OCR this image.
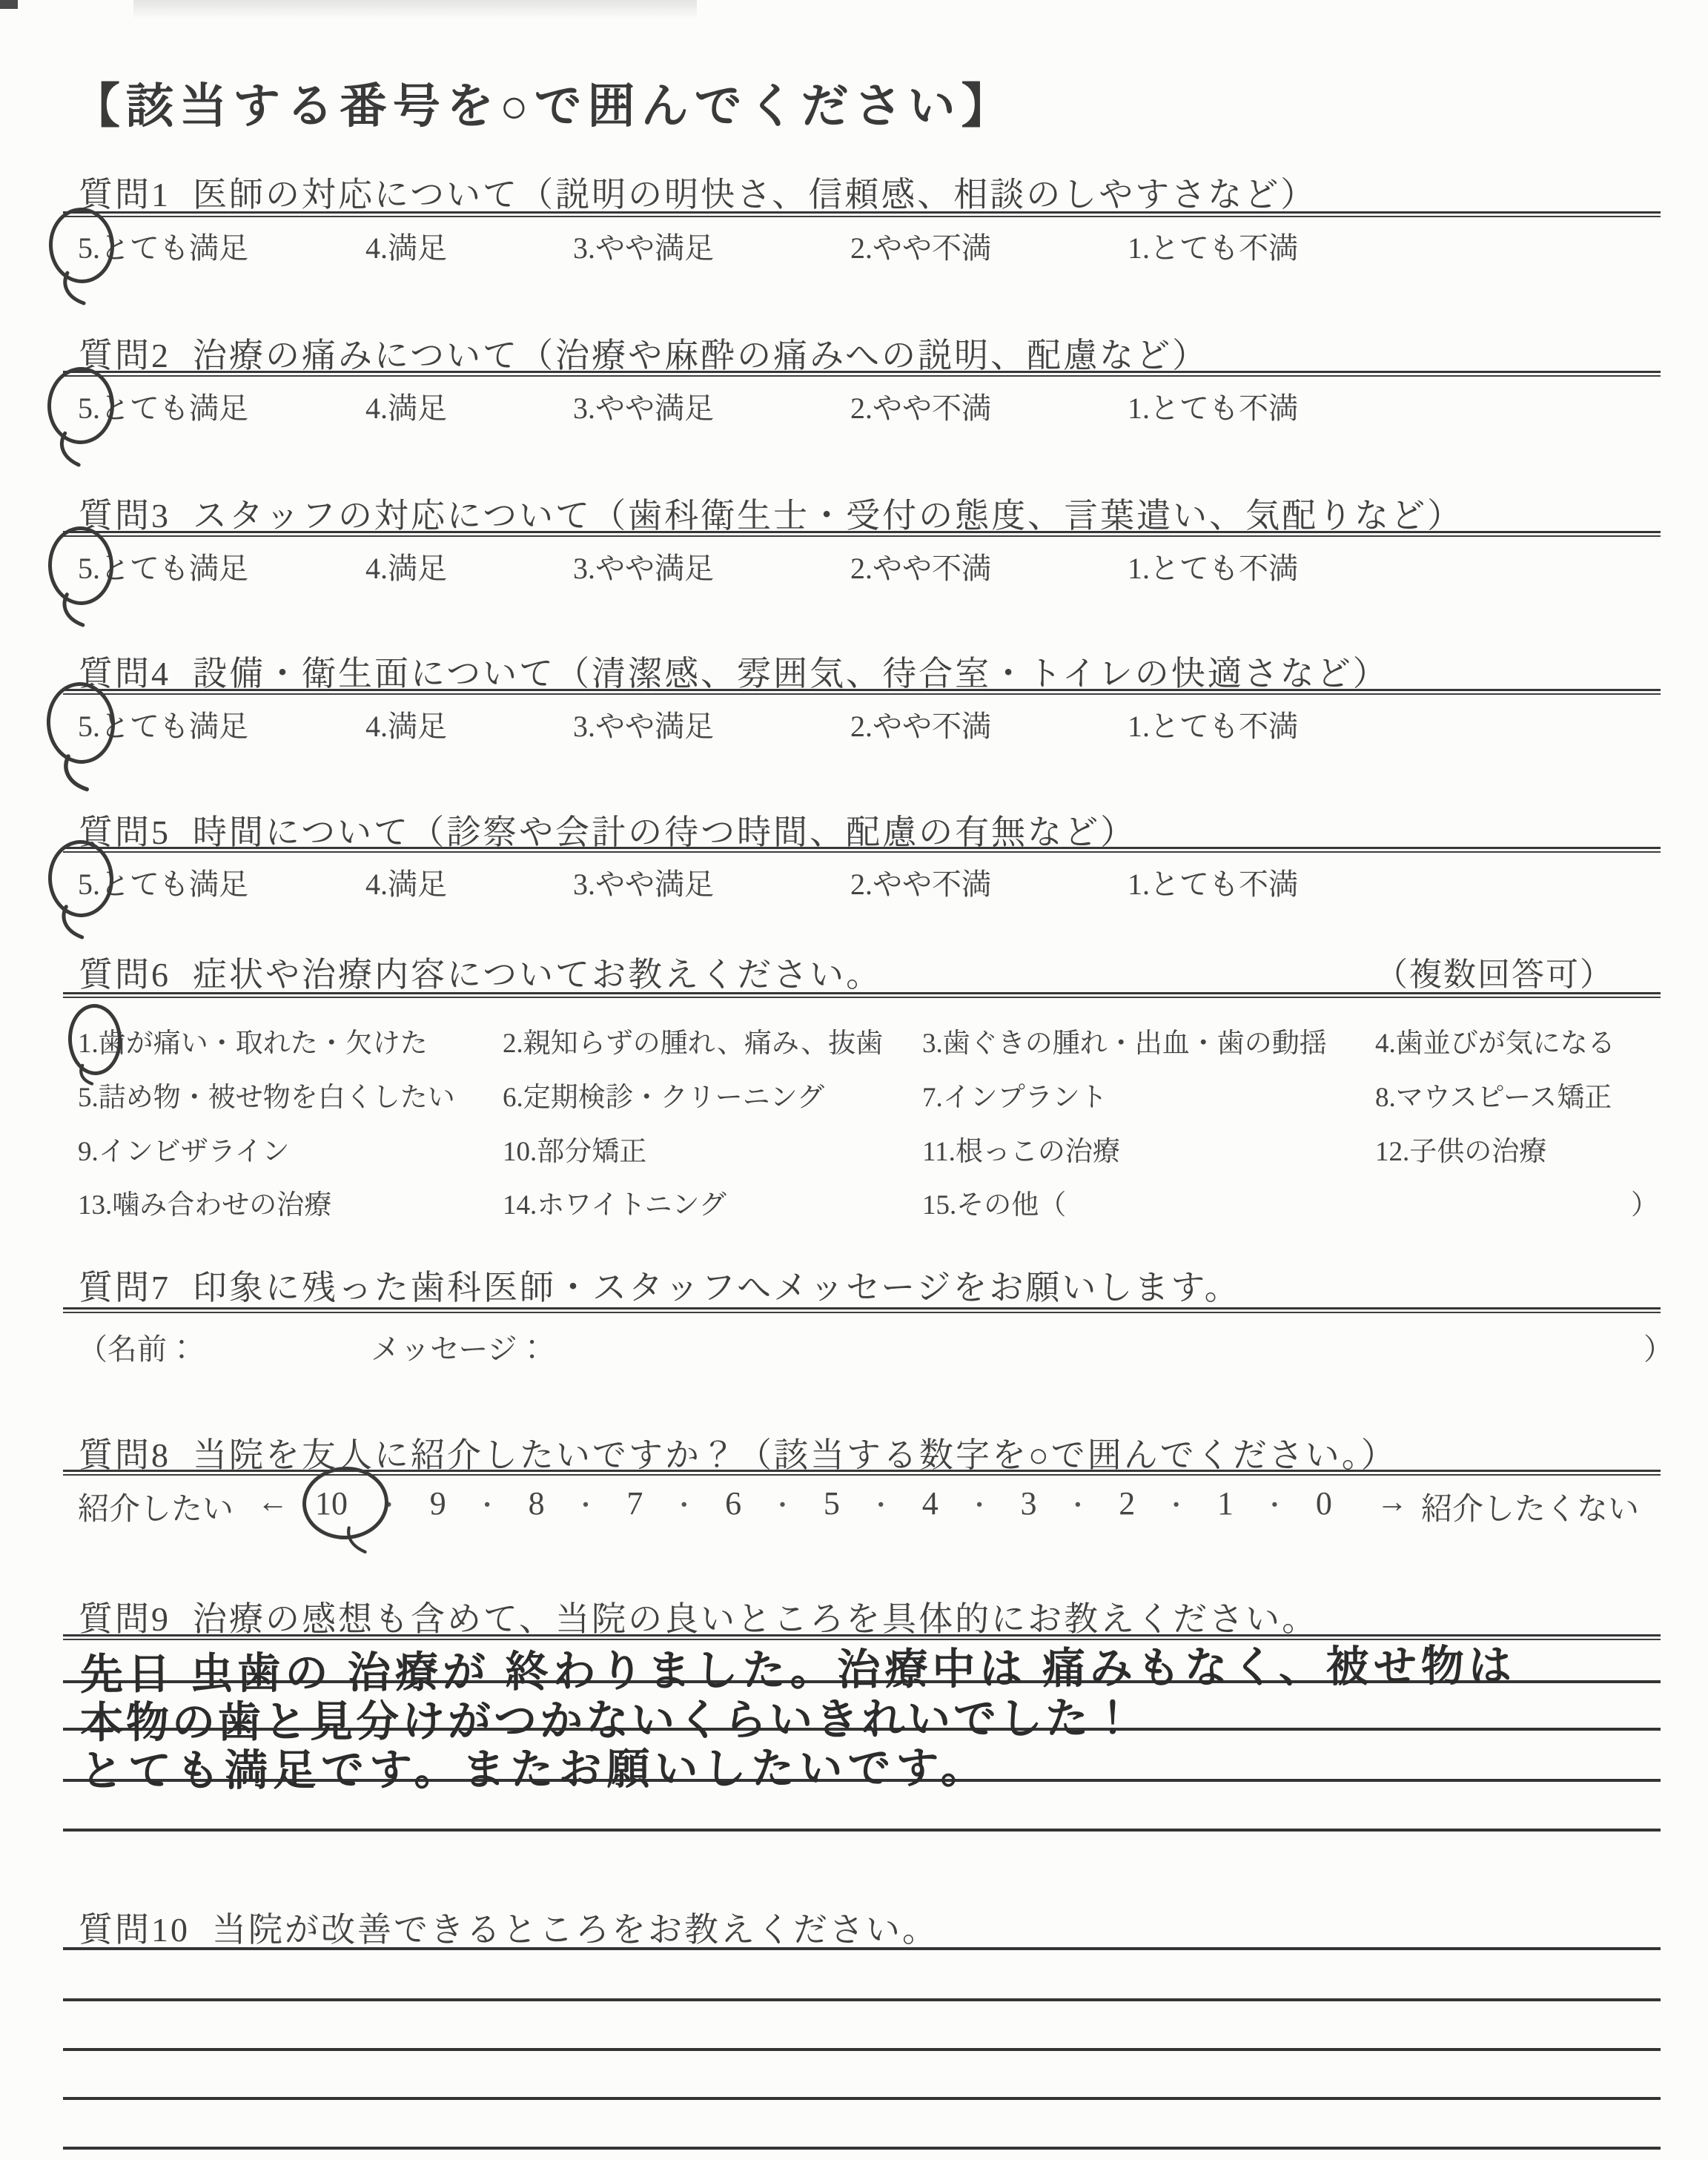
【該当する番号を○で囲んでください】
質問1 医師の対応について（説明の明快さ、信頼感、相談のしやすさなど）
5.とても満足	4.満足	3.やや満足	2.やや不満	1.とても不満
質問2 治療の痛みについて（治療や麻酔の痛みへの説明、配慮など）
5.とても満足	4.満足	3.やや満足	2.やや不満	1.とても不満
質問3 スタッフの対応について（歯科衛生士・受付の態度、言葉遣い、気配りなど）
5.とても満足	4.満足	3.やや満足	2.やや不満	1.とても不満
質問4 設備・衛生面について（清潔感、雰囲気、待合室・トイレの快適さなど）
5.とても満足	4.満足	3.やや満足	2.やや不満	1.とても不満
質問5 時間について（診察や会計の待つ時間、配慮の有無など）
5.とても満足	4.満足	3.やや満足	2.やや不満	1.とても不満
質問6 症状や治療内容についてお教えください。	（複数回答可）
1.歯が痛い・取れた・欠けた	2.親知らずの腫れ、痛み、抜歯 3.歯ぐきの腫れ・出血・歯の動揺 4.歯並びが気になる
5.詰め物・被せ物を白くしたい 6.定期検診・クリーニング	7.インプラント	8.マウスピース矯正
9.インビザライン	10.部分矯正	11.根っこの治療	12.子供の治療
13.噛み合わせの治療	14.ホワイトニング	15.その他（	）
質問7 印象に残った歯科医師・スタッフへメッセージをお願いします。
（名前：	メッセージ：	）
質問8 当院を友人に紹介したいですか？（該当する数字を○で囲んでください。）
紹介したい ← 10 ・ 9 ・ 8 ・ 7 ・ 6 ・ 5 ・ 4 ・ 3 ・ 2 ・ 1 ・ 0 → 紹介したくない
質問9 治療の感想も含めて、当院の良いところを具体的にお教えください。
先日 虫歯の 治療が 終わりました。治療中は 痛みもなく、被せ物は
本物の歯と見分けがつかないくらいきれいでした！
とても満足です。またお願いしたいです。
質問10 当院が改善できるところをお教えください。
